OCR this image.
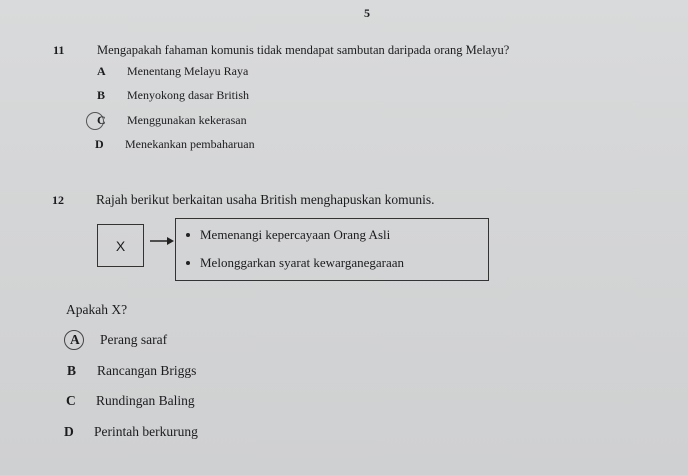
5
11	Mengapakah fahaman komunis tidak mendapat sambutan daripada orang Melayu?
A	Menentang Melayu Raya
B	Menyokong dasar British
C	Menggunakan kekerasan
D	Menekankan pembaharuan
12 Rajah berikut berkaitan usaha British menghapuskan komunis.
X
Memenangi kepercayaan Orang Asli
Melonggarkan syarat kewarganegaraan
Apakah X?
A	Perang saraf
B	Rancangan Briggs
C	Rundingan Baling
D	Perintah berkurung
